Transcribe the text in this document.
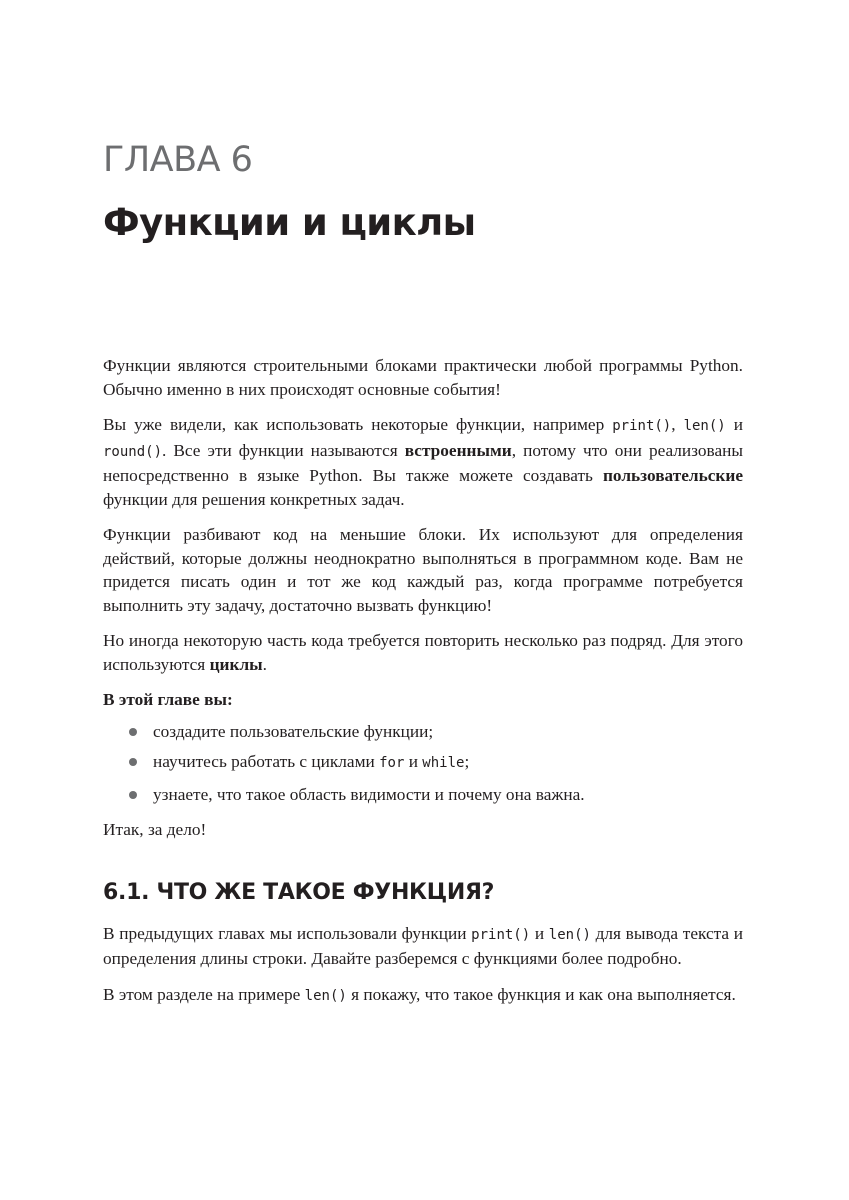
ГЛАВА 6
Функции и циклы

Функции являются строительными блоками практически любой программы Python. Обычно именно в них происходят основные события!

Вы уже видели, как использовать некоторые функции, например print(), len() и round(). Все эти функции называются встроенными, потому что они реализованы непосредственно в языке Python. Вы также можете создавать пользовательские функции для решения конкретных задач.

Функции разбивают код на меньшие блоки. Их используют для определения действий, которые должны неоднократно выполняться в программном коде. Вам не придется писать один и тот же код каждый раз, когда программе потребуется выполнить эту задачу, достаточно вызвать функцию!

Но иногда некоторую часть кода требуется повторить несколько раз подряд. Для этого используются циклы.

В этой главе вы:

создадите пользовательские функции;
научитесь работать с циклами for и while;
узнаете, что такое область видимости и почему она важна.

Итак, за дело!

6.1. ЧТО ЖЕ ТАКОЕ ФУНКЦИЯ?

В предыдущих главах мы использовали функции print() и len() для вывода текста и определения длины строки. Давайте разберемся с функциями более подробно.

В этом разделе на примере len() я покажу, что такое функция и как она выполняется.
